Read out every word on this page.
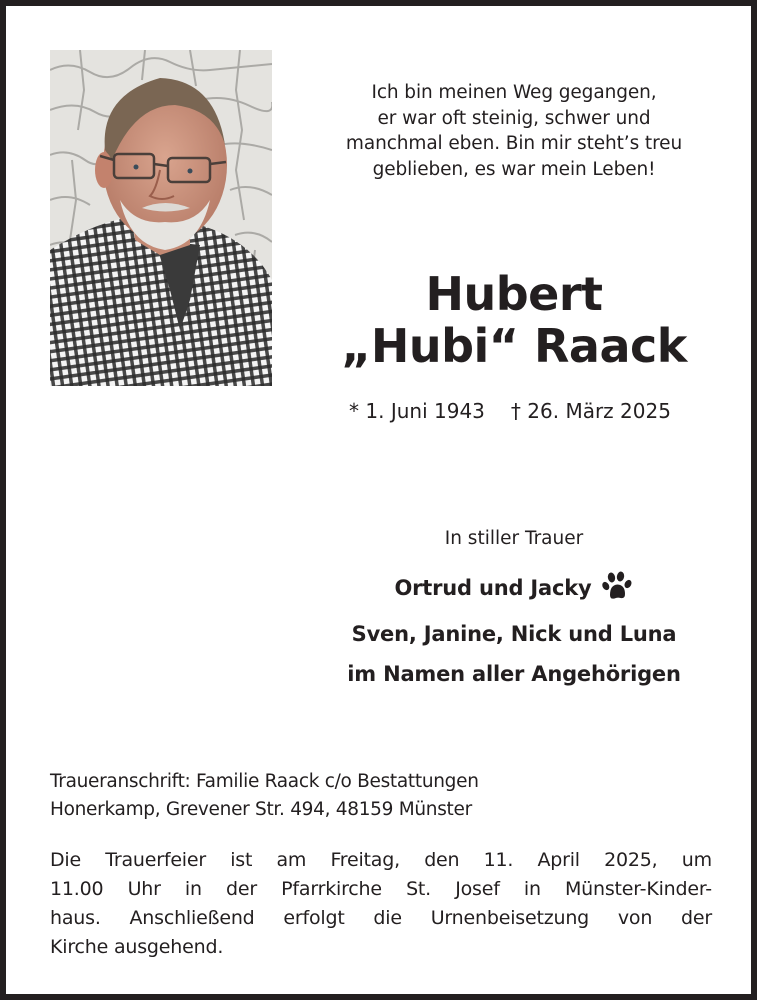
Ich bin meinen Weg gegangen,
er war oft steinig, schwer und
manchmal eben. Bin mir steht’s treu
geblieben, es war mein Leben!
Hubert
„Hubi“ Raack
* 1. Juni 1943 † 26. März 2025
In stiller Trauer
Ortrud und Jacky
Sven, Janine, Nick und Luna
im Namen aller Angehörigen
Traueranschrift: Familie Raack c/o Bestattungen
Honerkamp, Grevener Str. 494, 48159 Münster
Die Trauerfeier ist am Freitag, den 11. April 2025, um
11.00 Uhr in der Pfarrkirche St. Josef in Münster-Kinder-
haus. Anschließend erfolgt die Urnenbeisetzung von der
Kirche ausgehend.
